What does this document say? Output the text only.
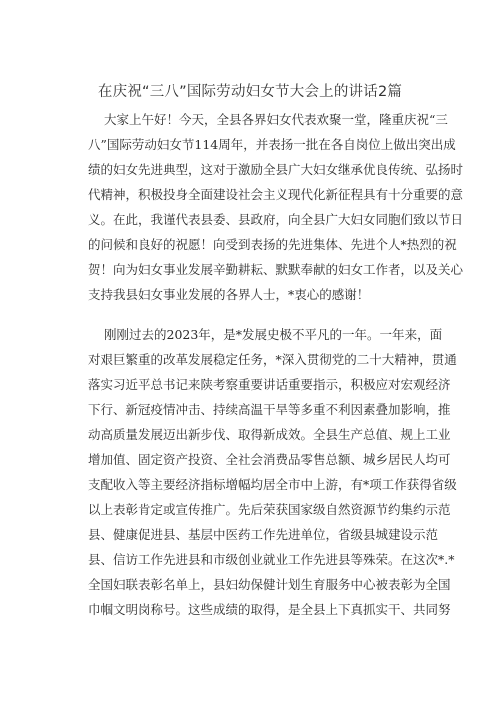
在庆祝“三八”国际劳动妇女节大会上的讲话2篇
大家上午好！今天，全县各界妇女代表欢聚一堂，隆重庆祝“三
八”国际劳动妇女节114周年，并表扬一批在各自岗位上做出突出成
绩的妇女先进典型，这对于激励全县广大妇女继承优良传统、弘扬时
代精神，积极投身全面建设社会主义现代化新征程具有十分重要的意
义。在此，我谨代表县委、县政府，向全县广大妇女同胞们致以节日
的问候和良好的祝愿！向受到表扬的先进集体、先进个人*热烈的祝
贺！向为妇女事业发展辛勤耕耘、默默奉献的妇女工作者，以及关心
支持我县妇女事业发展的各界人士，*衷心的感谢！
刚刚过去的2023年，是*发展史极不平凡的一年。一年来，面
对艰巨繁重的改革发展稳定任务，*深入贯彻党的二十大精神，贯通
落实习近平总书记来陕考察重要讲话重要指示，积极应对宏观经济
下行、新冠疫情冲击、持续高温干旱等多重不利因素叠加影响，推
动高质量发展迈出新步伐、取得新成效。全县生产总值、规上工业
增加值、固定资产投资、全社会消费品零售总额、城乡居民人均可
支配收入等主要经济指标增幅均居全市中上游，有*项工作获得省级
以上表彰肯定或宣传推广。先后荣获国家级自然资源节约集约示范
县、健康促进县、基层中医药工作先进单位，省级县城建设示范
县、信访工作先进县和市级创业就业工作先进县等殊荣。在这次*.*
全国妇联表彰名单上，县妇幼保健计划生育服务中心被表彰为全国
巾帼文明岗称号。这些成绩的取得，是全县上下真抓实干、共同努
